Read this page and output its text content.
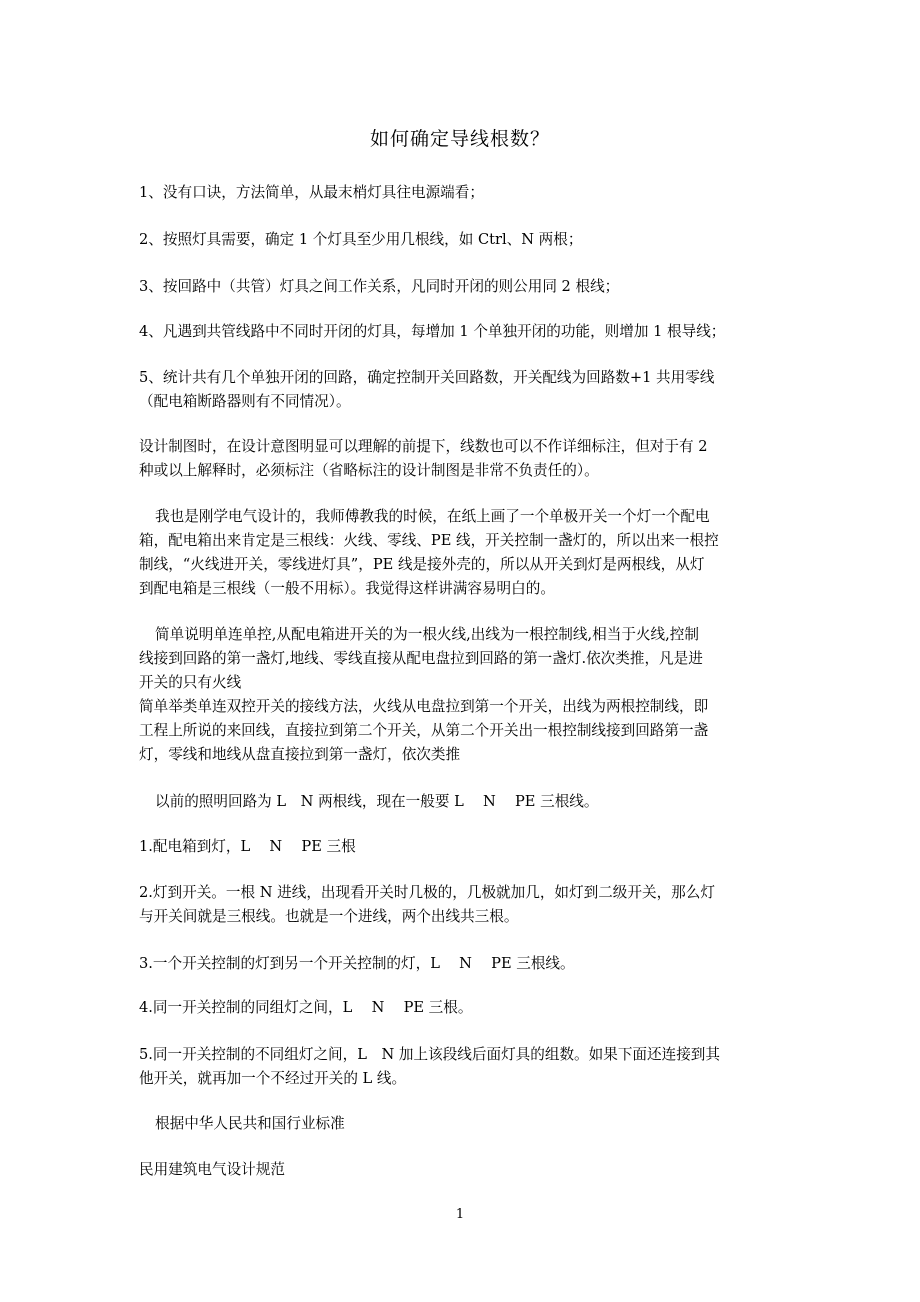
如何确定导线根数？
1、没有口诀，方法简单，从最末梢灯具往电源端看；
2、按照灯具需要，确定 1 个灯具至少用几根线，如 Ctrl、N 两根；
3、按回路中（共管）灯具之间工作关系，凡同时开闭的则公用同 2 根线；
4、凡遇到共管线路中不同时开闭的灯具，每增加 1 个单独开闭的功能，则增加 1 根导线；
5、统计共有几个单独开闭的回路，确定控制开关回路数，开关配线为回路数+1 共用零线
（配电箱断路器则有不同情况）。
设计制图时，在设计意图明显可以理解的前提下，线数也可以不作详细标注，但对于有 2
种或以上解释时，必须标注（省略标注的设计制图是非常不负责任的）。
我也是刚学电气设计的，我师傅教我的时候，在纸上画了一个单极开关一个灯一个配电
箱，配电箱出来肯定是三根线：火线、零线、PE 线，开关控制一盏灯的，所以出来一根控
制线，“火线进开关，零线进灯具”，PE 线是接外壳的，所以从开关到灯是两根线，从灯
到配电箱是三根线（一般不用标）。我觉得这样讲满容易明白的。
简单说明单连单控,从配电箱进开关的为一根火线,出线为一根控制线,相当于火线,控制
线接到回路的第一盏灯,地线、零线直接从配电盘拉到回路的第一盏灯.依次类推，凡是进
开关的只有火线
简单举类单连双控开关的接线方法，火线从电盘拉到第一个开关，出线为两根控制线，即
工程上所说的来回线，直接拉到第二个开关，从第二个开关出一根控制线接到回路第一盏
灯，零线和地线从盘直接拉到第一盏灯，依次类推
以前的照明回路为 L　N 两根线，现在一般要 L　 N　 PE 三根线。
1.配电箱到灯，L　 N　 PE 三根
2.灯到开关。一根 N 进线，出现看开关时几极的，几极就加几，如灯到二级开关，那么灯
与开关间就是三根线。也就是一个进线，两个出线共三根。
3.一个开关控制的灯到另一个开关控制的灯，L　 N　 PE 三根线。
4.同一开关控制的同组灯之间，L　 N　 PE 三根。
5.同一开关控制的不同组灯之间，L　N 加上该段线后面灯具的组数。如果下面还连接到其
他开关，就再加一个不经过开关的 L 线。
根据中华人民共和国行业标准
民用建筑电气设计规范
1
